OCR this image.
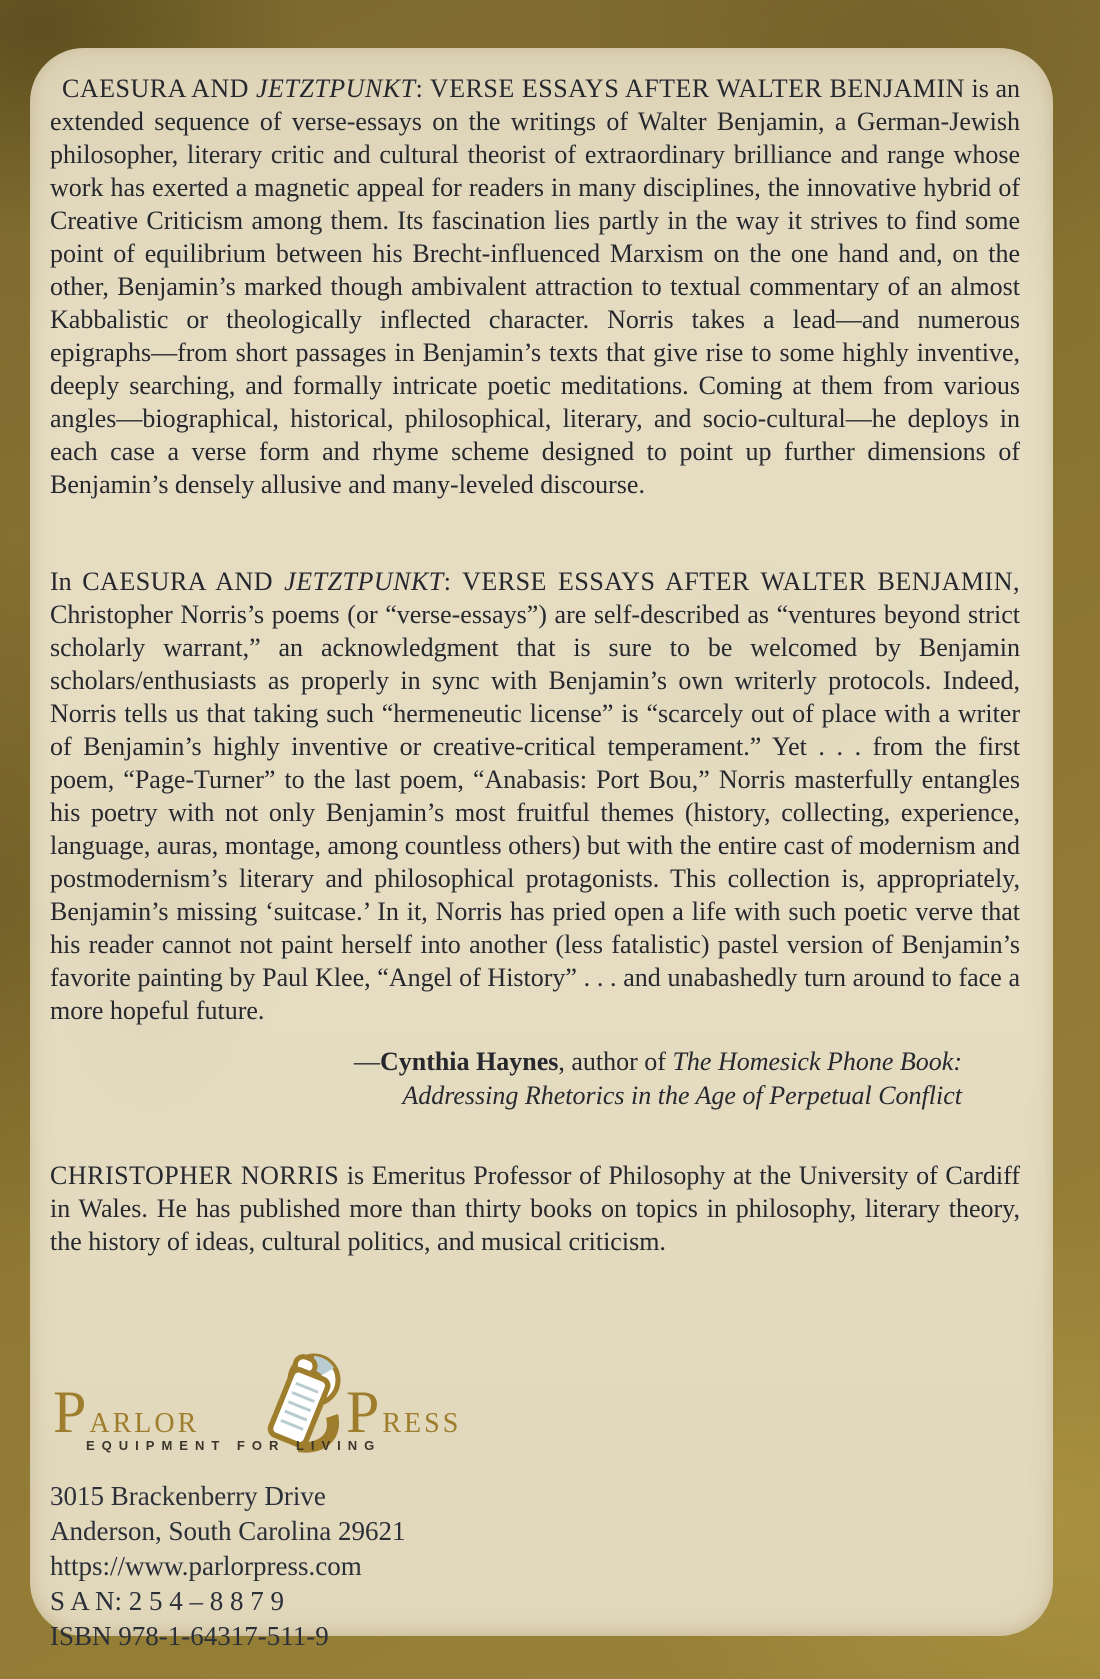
CAESURA AND JETZTPUNKT: VERSE ESSAYS AFTER WALTER BENJAMIN is an extended sequence of verse-essays on the writings of Walter Benjamin, a German-Jewish philosopher, literary critic and cultural theorist of extraordinary brilliance and range whose work has exerted a magnetic appeal for readers in many disciplines, the innovative hybrid of Creative Criticism among them. Its fascination lies partly in the way it strives to find some point of equilibrium between his Brecht-influenced Marxism on the one hand and, on the other, Benjamin’s marked though ambivalent attraction to textual commentary of an almost Kabbalistic or theologically inflected character. Norris takes a lead—and numerous epigraphs—from short passages in Benjamin’s texts that give rise to some highly inventive, deeply searching, and formally intricate poetic meditations. Coming at them from various angles—biographical, historical, philosophical, literary, and socio-cultural—he deploys in each case a verse form and rhyme scheme designed to point up further dimensions of Benjamin’s densely allusive and many-leveled discourse.

In CAESURA AND JETZTPUNKT: VERSE ESSAYS AFTER WALTER BENJAMIN, Christopher Norris’s poems (or “verse-essays”) are self-described as “ventures beyond strict scholarly warrant,” an acknowledgment that is sure to be welcomed by Benjamin scholars/enthusiasts as properly in sync with Benjamin’s own writerly protocols. Indeed, Norris tells us that taking such “hermeneutic license” is “scarcely out of place with a writer of Benjamin’s highly inventive or creative-critical temperament.” Yet . . . from the first poem, “Page-Turner” to the last poem, “Anabasis: Port Bou,” Norris masterfully entangles his poetry with not only Benjamin’s most fruitful themes (history, collecting, experience, language, auras, montage, among countless others) but with the entire cast of modernism and postmodernism’s literary and philosophical protagonists. This collection is, appropriately, Benjamin’s missing ‘suitcase.’ In it, Norris has pried open a life with such poetic verve that his reader cannot not paint herself into another (less fatalistic) pastel version of Benjamin’s favorite painting by Paul Klee, “Angel of History” . . . and unabashedly turn around to face a more hopeful future.

—Cynthia Haynes, author of The Homesick Phone Book:
Addressing Rhetorics in the Age of Perpetual Conflict

CHRISTOPHER NORRIS is Emeritus Professor of Philosophy at the University of Cardiff in Wales. He has published more than thirty books on topics in philosophy, literary theory, the history of ideas, cultural politics, and musical criticism.

Parlor	Press
EQUIPMENT FOR LIVING
3015 Brackenberry Drive
Anderson, South Carolina 29621
https://www.parlorpress.com
S A N: 2 5 4 – 8 8 7 9
ISBN 978-1-64317-511-9
